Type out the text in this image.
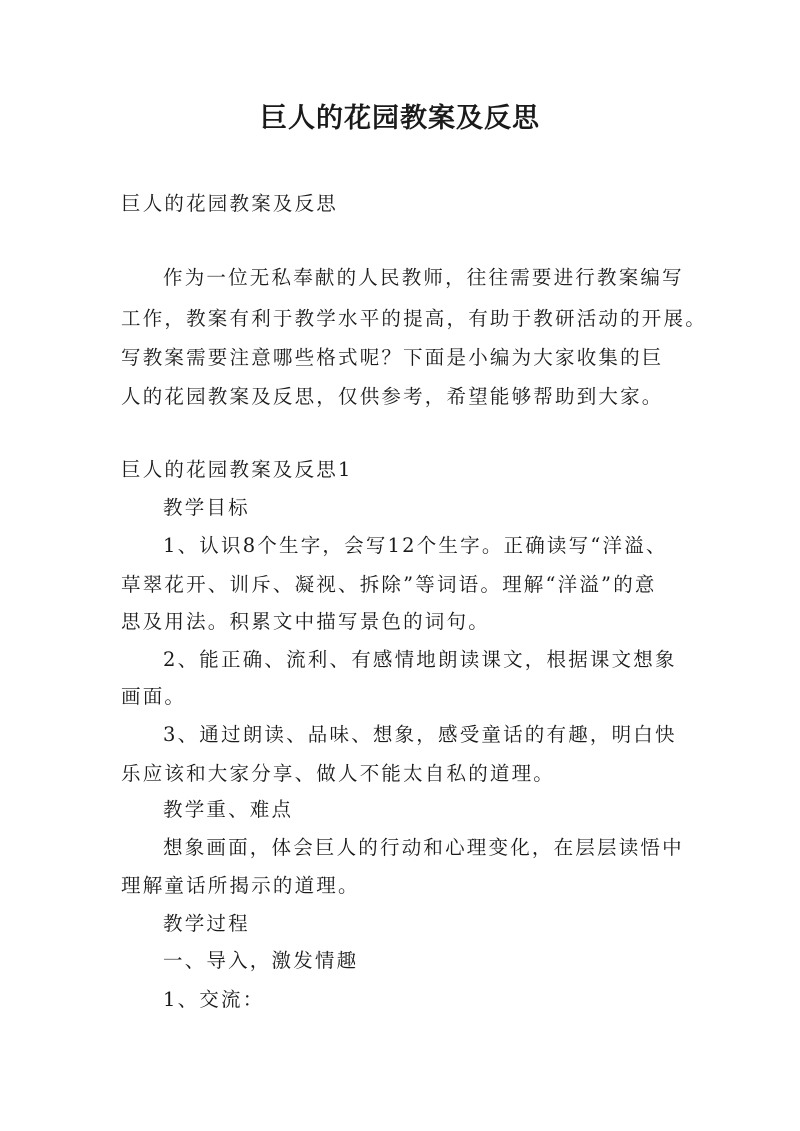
巨人的花园教案及反思
巨人的花园教案及反思
作为一位无私奉献的人民教师，往往需要进行教案编写
工作，教案有利于教学水平的提高，有助于教研活动的开展。
写教案需要注意哪些格式呢？下面是小编为大家收集的巨
人的花园教案及反思，仅供参考，希望能够帮助到大家。
巨人的花园教案及反思1
教学目标
1、认识8个生字，会写12个生字。正确读写“洋溢、
草翠花开、训斥、凝视、拆除”等词语。理解“洋溢”的意
思及用法。积累文中描写景色的词句。
2、能正确、流利、有感情地朗读课文，根据课文想象
画面。
3、通过朗读、品味、想象，感受童话的有趣，明白快
乐应该和大家分享、做人不能太自私的道理。
教学重、难点
想象画面，体会巨人的行动和心理变化，在层层读悟中
理解童话所揭示的道理。
教学过程
一、导入，激发情趣
1、交流：
